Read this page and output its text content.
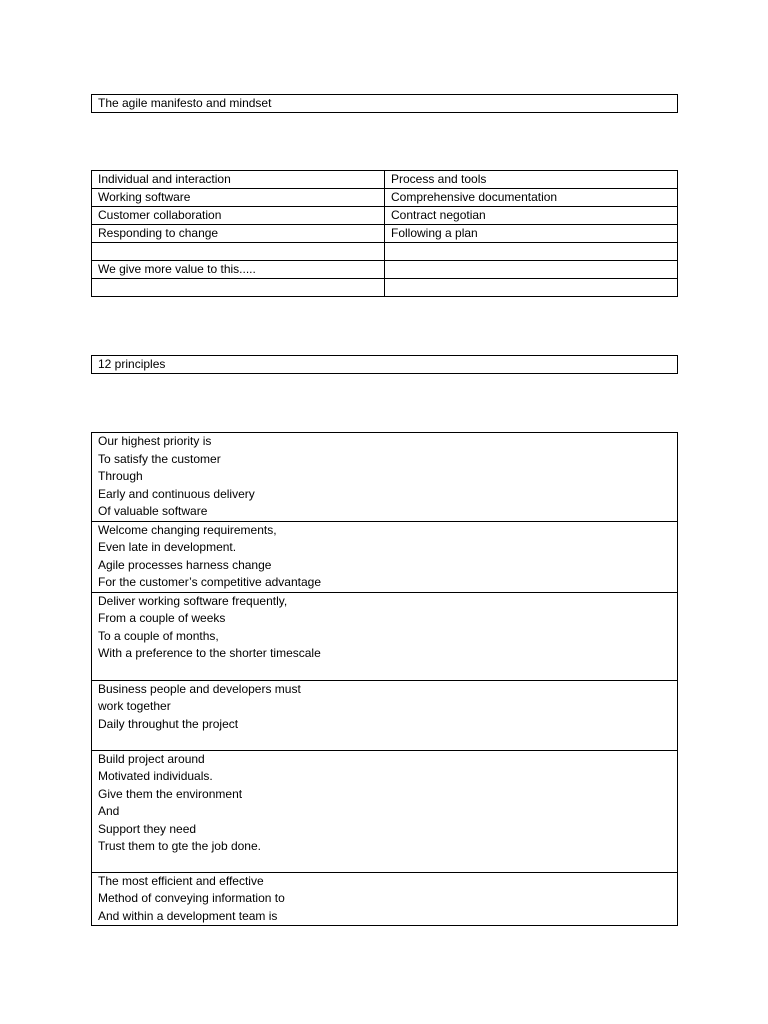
The agile manifesto and mindset
Individual and interaction	Process and tools
Working software	Comprehensive documentation
Customer collaboration	Contract negotian
Responding to change	Following a plan

We give more value to this.....	

12 principles
Our highest priority is
To satisfy the customer
Through
Early and continuous delivery
Of valuable software

Welcome changing requirements,
Even late in development.
Agile processes harness change
For the customer’s competitive advantage

Deliver working software frequently,
From a couple of weeks
To a couple of months,
With a preference to the shorter timescale

Business people and developers must
work together
Daily throughut the project

Build project around
Motivated individuals.
Give them the environment
And
Support they need
Trust them to gte the job done.

The most efficient and effective
Method of conveying information to
And within a development team is
